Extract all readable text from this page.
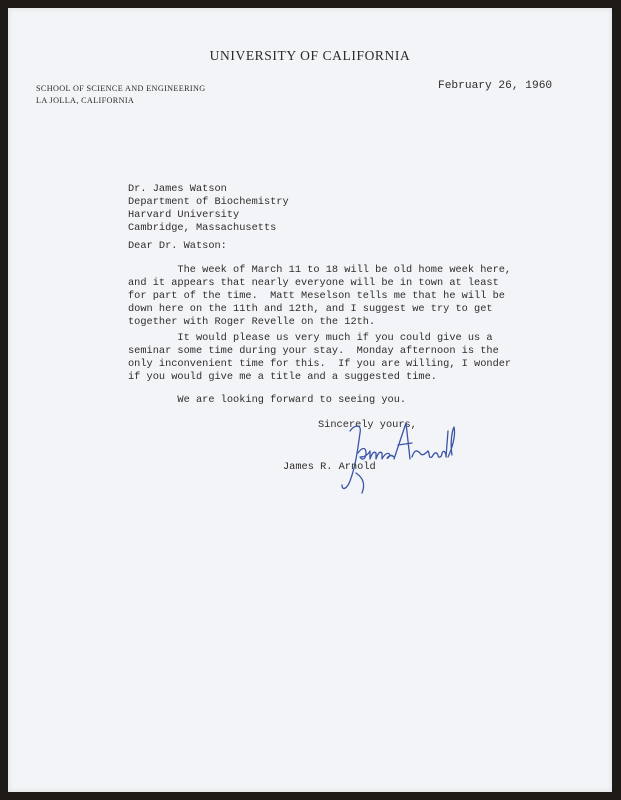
UNIVERSITY OF CALIFORNIA
SCHOOL OF SCIENCE AND ENGINEERING
LA JOLLA, CALIFORNIA
February 26, 1960
Dr. James Watson
Department of Biochemistry
Harvard University
Cambridge, Massachusetts
Dear Dr. Watson:
The week of March 11 to 18 will be old home week here,
and it appears that nearly everyone will be in town at least
for part of the time.  Matt Meselson tells me that he will be
down here on the 11th and 12th, and I suggest we try to get
together with Roger Revelle on the 12th.
It would please us very much if you could give us a
seminar some time during your stay.  Monday afternoon is the
only inconvenient time for this.  If you are willing, I wonder
if you would give me a title and a suggested time.
We are looking forward to seeing you.
Sincerely yours,
James R. Arnold
